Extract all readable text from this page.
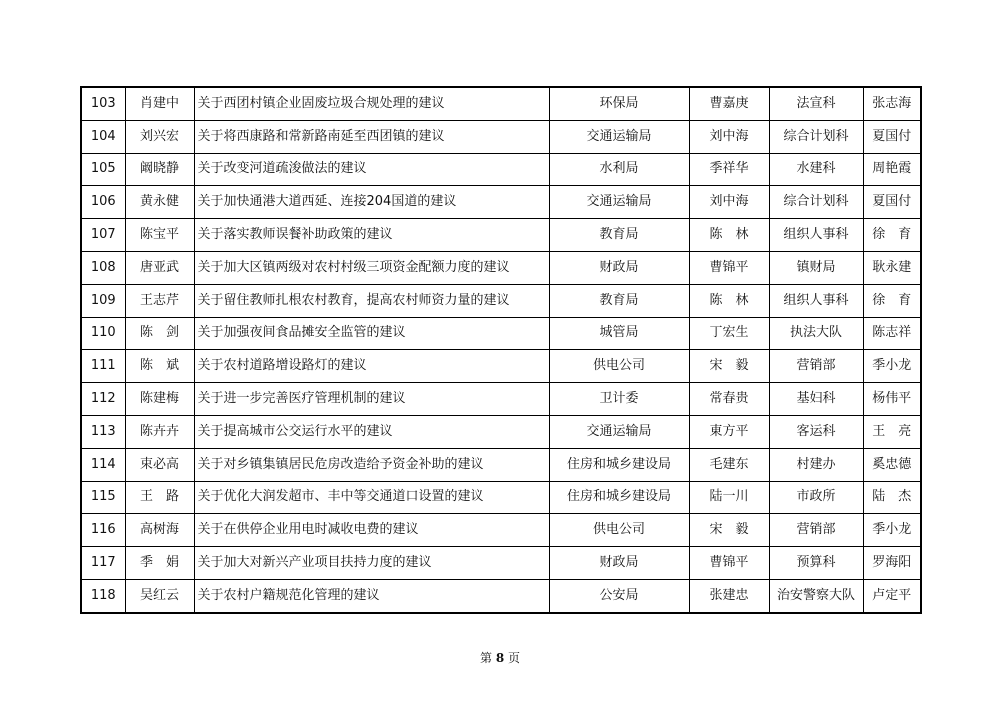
103	肖建中	关于西团村镇企业固废垃圾合规处理的建议	环保局	曹嘉庚	法宣科	张志海
104	刘兴宏	关于将西康路和常新路南延至西团镇的建议	交通运输局	刘中海	综合计划科	夏国付
105	阚晓静	关于改变河道疏浚做法的建议	水利局	季祥华	水建科	周艳霞
106	黄永健	关于加快通港大道西延、连接204国道的建议	交通运输局	刘中海	综合计划科	夏国付
107	陈宝平	关于落实教师误餐补助政策的建议	教育局	陈　林	组织人事科	徐　育
108	唐亚武	关于加大区镇两级对农村村级三项资金配额力度的建议	财政局	曹锦平	镇财局	耿永建
109	王志芹	关于留住教师扎根农村教育，提高农村师资力量的建议	教育局	陈　林	组织人事科	徐　育
110	陈　剑	关于加强夜间食品摊安全监管的建议	城管局	丁宏生	执法大队	陈志祥
111	陈　斌	关于农村道路增设路灯的建议	供电公司	宋　毅	营销部	季小龙
112	陈建梅	关于进一步完善医疗管理机制的建议	卫计委	常春贵	基妇科	杨伟平
113	陈卉卉	关于提高城市公交运行水平的建议	交通运输局	東方平	客运科	王　亮
114	束必高	关于对乡镇集镇居民危房改造给予资金补助的建议	住房和城乡建设局	毛建东	村建办	奚忠德
115	王　路	关于优化大润发超市、丰中等交通道口设置的建议	住房和城乡建设局	陆一川	市政所	陆　杰
116	高树海	关于在供停企业用电时减收电费的建议	供电公司	宋　毅	营销部	季小龙
117	季　娟	关于加大对新兴产业项目扶持力度的建议	财政局	曹锦平	预算科	罗海阳
118	吴红云	关于农村户籍规范化管理的建议	公安局	张建忠	治安警察大队	卢定平
第 8 页
